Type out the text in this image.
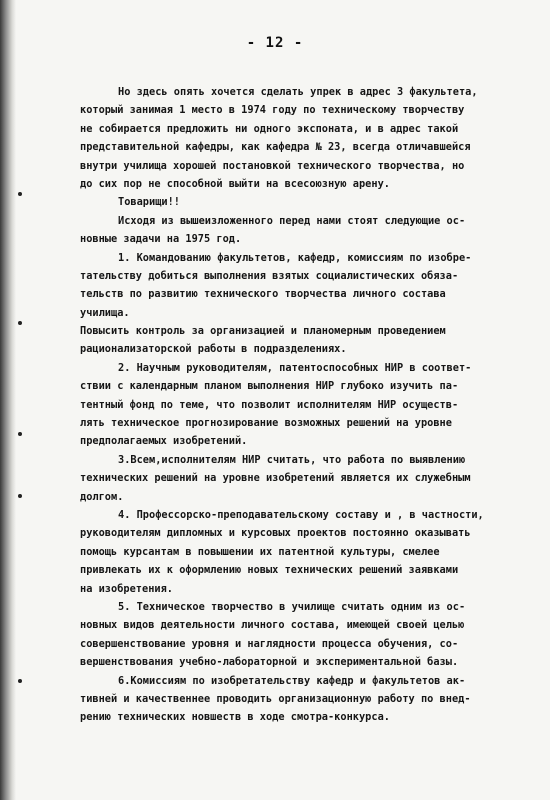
- 12 -
Но здесь опять хочется сделать упрек в адрес 3 факультета,
который занимая 1 место в 1974 году по техническому творчеству
не собирается предложить ни одного экспоната, и в адрес такой
представительной кафедры, как кафедра № 23, всегда отличавшейся
внутри училища хорошей постановкой технического творчества, но
до сих пор не способной выйти на всесоюзную арену.
Товарищи!!
Исходя из вышеизложенного перед нами стоят следующие ос-
новные задачи на 1975 год.
1. Командованию факультетов, кафедр, комиссиям по изобре-
тательству добиться выполнения взятых социалистических обяза-
тельств по развитию технического творчества личного состава
училища.
Повысить контроль за организацией и планомерным проведением
рационализаторской работы в подразделениях.
2. Научным руководителям, патентоспособных НИР в соответ-
ствии с календарным планом выполнения НИР глубоко изучить па-
тентный фонд по теме, что позволит исполнителям НИР осуществ-
лять техническое прогнозирование возможных решений на уровне
предполагаемых изобретений.
3.Всем,исполнителям НИР считать, что работа по выявлению
технических решений на уровне изобретений является их служебным
долгом.
4. Профессорско-преподавательскому составу и , в частности,
руководителям дипломных и курсовых проектов постоянно оказывать
помощь курсантам в повышении их патентной культуры, смелее
привлекать их к оформлению новых технических решений заявками
на изобретения.
5. Техническое творчество в училище считать одним из ос-
новных видов деятельности личного состава, имеющей своей целью
совершенствование уровня и наглядности процесса обучения, со-
вершенствования учебно-лабораторной и экспериментальной базы.
6.Комиссиям по изобретательству кафедр и факультетов ак-
тивней и качественнее проводить организационную работу по внед-
рению технических новшеств в ходе смотра-конкурса.
